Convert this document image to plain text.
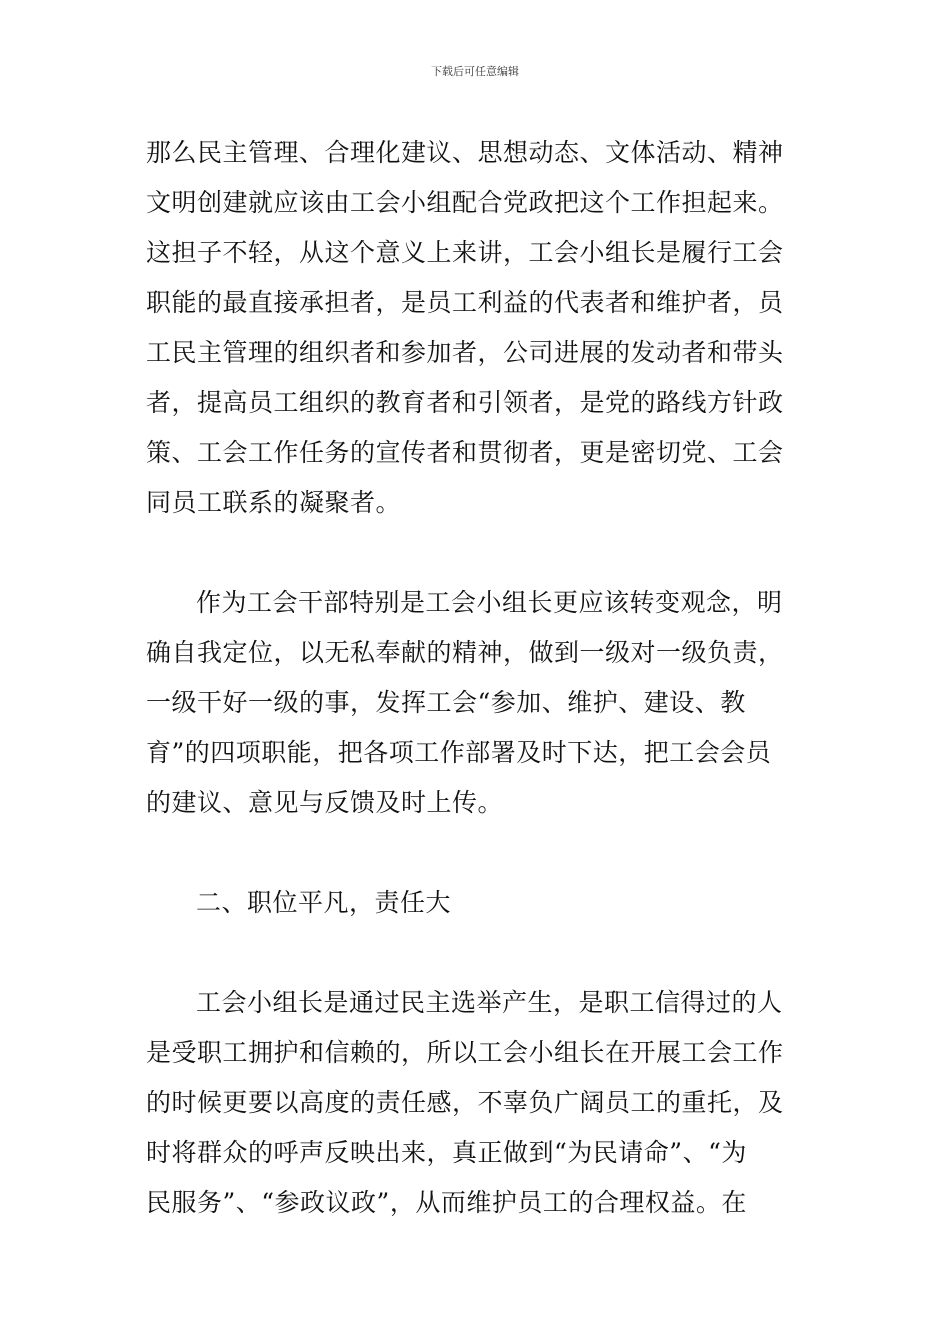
下载后可任意编辑
那么民主管理、合理化建议、思想动态、文体活动、精神
文明创建就应该由工会小组配合党政把这个工作担起来。
这担子不轻，从这个意义上来讲，工会小组长是履行工会
职能的最直接承担者，是员工利益的代表者和维护者，员
工民主管理的组织者和参加者，公司进展的发动者和带头
者，提高员工组织的教育者和引领者，是党的路线方针政
策、工会工作任务的宣传者和贯彻者，更是密切党、工会
同员工联系的凝聚者。
作为工会干部特别是工会小组长更应该转变观念，明
确自我定位，以无私奉献的精神，做到一级对一级负责，
一级干好一级的事，发挥工会“参加、维护、建设、教
育”的四项职能，把各项工作部署及时下达，把工会会员
的建议、意见与反馈及时上传。
二、职位平凡，责任大
工会小组长是通过民主选举产生，是职工信得过的人
是受职工拥护和信赖的，所以工会小组长在开展工会工作
的时候更要以高度的责任感，不辜负广阔员工的重托，及
时将群众的呼声反映出来，真正做到“为民请命”、“为
民服务”、“参政议政”，从而维护员工的合理权益。在
